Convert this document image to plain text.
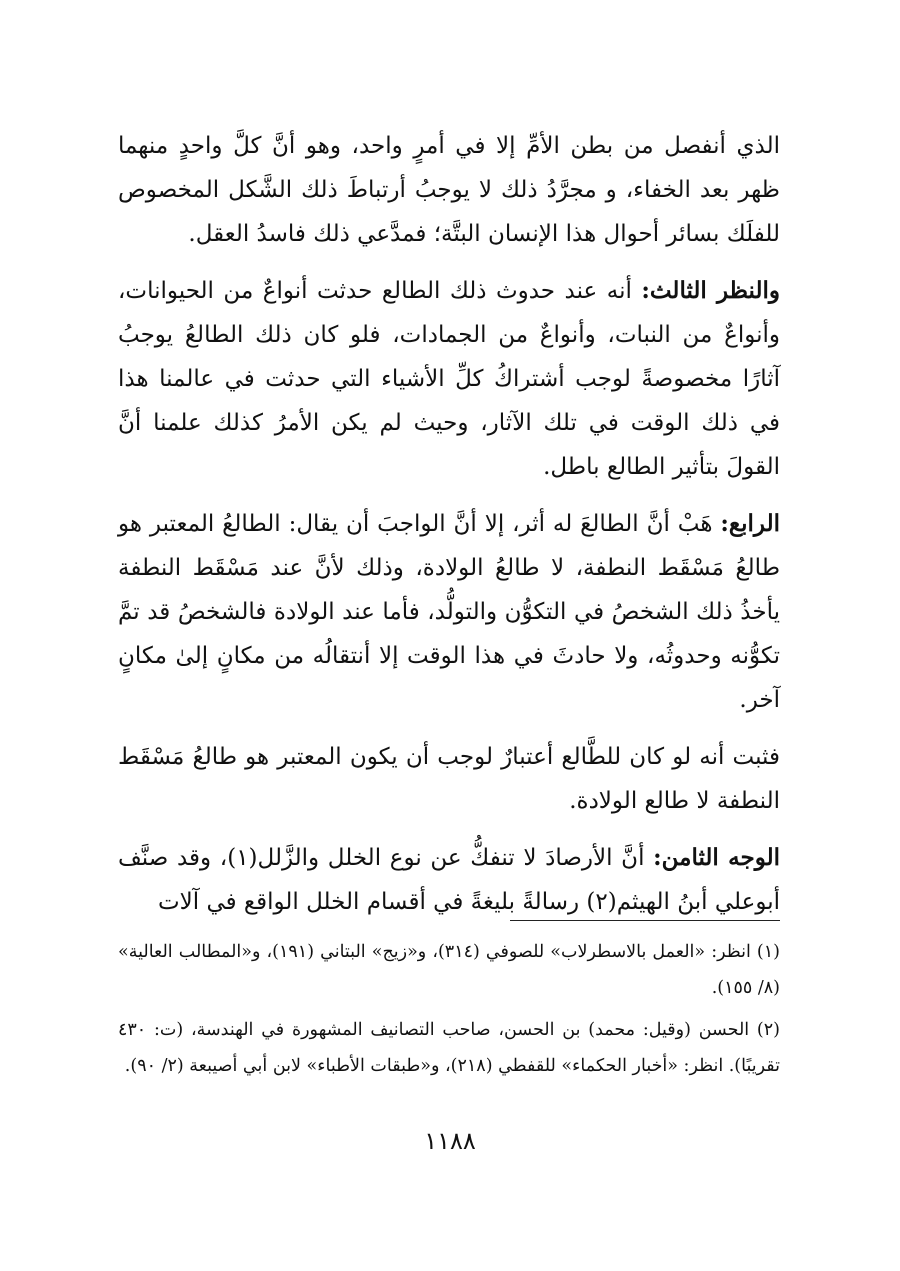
الذي أنفصل من بطن الأمِّ إلا في أمرٍ واحد، وهو أنَّ كلَّ واحدٍ منهما ظهر بعد الخفاء، و مجرَّدُ ذلك لا يوجبُ أرتباطَ ذلك الشَّكل المخصوص للفلَك بسائر أحوال هذا الإنسان البتَّة؛ فمدَّعي ذلك فاسدُ العقل.

والنظر الثالث: أنه عند حدوث ذلك الطالع حدثت أنواعٌ من الحيوانات، وأنواعٌ من النبات، وأنواعٌ من الجمادات، فلو كان ذلك الطالعُ يوجبُ آثارًا مخصوصةً لوجب أشتراكُ كلِّ الأشياء التي حدثت في عالمنا هذا في ذلك الوقت في تلك الآثار، وحيث لم يكن الأمرُ كذلك علمنا أنَّ القولَ بتأثير الطالع باطل.

الرابع: هَبْ أنَّ الطالعَ له أثر، إلا أنَّ الواجبَ أن يقال: الطالعُ المعتبر هو طالعُ مَسْقَط النطفة، لا طالعُ الولادة، وذلك لأنَّ عند مَسْقَط النطفة يأخذُ ذلك الشخصُ في التكوُّن والتولُّد، فأما عند الولادة فالشخصُ قد تمَّ تكوُّنه وحدوثُه، ولا حادثَ في هذا الوقت إلا أنتقالُه من مكانٍ إلىٰ مكانٍ آخر.

فثبت أنه لو كان للطَّالع أعتبارٌ لوجب أن يكون المعتبر هو طالعُ مَسْقَط النطفة لا طالع الولادة.

الوجه الثامن: أنَّ الأرصادَ لا تنفكُّ عن نوع الخلل والزَّلل(١)، وقد صنَّف أبوعلي أبنُ الهيثم(٢) رسالةً بليغةً في أقسام الخلل الواقع في آلات

(١) انظر: «العمل بالاسطرلاب» للصوفي (٣١٤)، و«زيج» البتاني (١٩١)، و«المطالب العالية» (٨/ ١٥٥).

(٢) الحسن (وقيل: محمد) بن الحسن، صاحب التصانيف المشهورة في الهندسة، (ت: ٤٣٠ تقريبًا). انظر: «أخبار الحكماء» للقفطي (٢١٨)، و«طبقات الأطباء» لابن أبي أصيبعة (٢/ ٩٠).

١١٨٨
